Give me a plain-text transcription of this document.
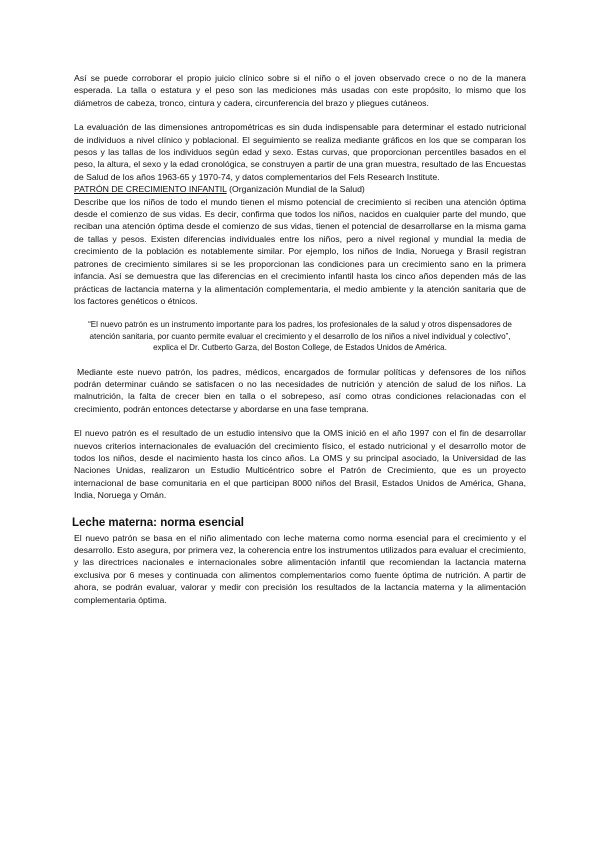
Así se puede corroborar el propio juicio clínico sobre si el niño o el joven observado crece o no de la manera esperada. La talla o estatura y el peso son las mediciones más usadas con este propósito, lo mismo que los diámetros de cabeza, tronco, cintura y cadera, circunferencia del brazo y pliegues cutáneos.

La evaluación de las dimensiones antropométricas es sin duda indispensable para determinar el estado nutricional de individuos a nivel clínico y poblacional. El seguimiento se realiza mediante gráficos en los que se comparan los pesos y las tallas de los individuos según edad y sexo. Estas curvas, que proporcionan percentiles basados en el peso, la altura, el sexo y la edad cronológica, se construyen a partir de una gran muestra, resultado de las Encuestas de Salud de los años 1963-65 y 1970-74, y datos complementarios del Fels Research Institute.

PATRÓN DE CRECIMIENTO INFANTIL (Organización Mundial de la Salud)

Describe que los niños de todo el mundo tienen el mismo potencial de crecimiento si reciben una atención óptima desde el comienzo de sus vidas. Es decir, confirma que todos los niños, nacidos en cualquier parte del mundo, que reciban una atención óptima desde el comienzo de sus vidas, tienen el potencial de desarrollarse en la misma gama de tallas y pesos. Existen diferencias individuales entre los niños, pero a nivel regional y mundial la media de crecimiento de la población es notablemente similar. Por ejemplo, los niños de India, Noruega y Brasil registran patrones de crecimiento similares si se les proporcionan las condiciones para un crecimiento sano en la primera infancia. Así se demuestra que las diferencias en el crecimiento infantil hasta los cinco años dependen más de las prácticas de lactancia materna y la alimentación complementaria, el medio ambiente y la atención sanitaria que de los factores genéticos o étnicos.

“El nuevo patrón es un instrumento importante para los padres, los profesionales de la salud y otros dispensadores de atención sanitaria, por cuanto permite evaluar el crecimiento y el desarrollo de los niños a nivel individual y colectivo”, explica el Dr. Cutberto Garza, del Boston College, de Estados Unidos de América.

Mediante este nuevo patrón, los padres, médicos, encargados de formular políticas y defensores de los niños podrán determinar cuándo se satisfacen o no las necesidades de nutrición y atención de salud de los niños. La malnutrición, la falta de crecer bien en talla o el sobrepeso, así como otras condiciones relacionadas con el crecimiento, podrán entonces detectarse y abordarse en una fase temprana.

El nuevo patrón es el resultado de un estudio intensivo que la OMS inició en el año 1997 con el fin de desarrollar nuevos criterios internacionales de evaluación del crecimiento físico, el estado nutricional y el desarrollo motor de todos los niños, desde el nacimiento hasta los cinco años. La OMS y su principal asociado, la Universidad de las Naciones Unidas, realizaron un Estudio Multicéntrico sobre el Patrón de Crecimiento, que es un proyecto internacional de base comunitaria en el que participan 8000 niños del Brasil, Estados Unidos de América, Ghana, India, Noruega y Omán.

Leche materna: norma esencial

El nuevo patrón se basa en el niño alimentado con leche materna como norma esencial para el crecimiento y el desarrollo. Esto asegura, por primera vez, la coherencia entre los instrumentos utilizados para evaluar el crecimiento, y las directrices nacionales e internacionales sobre alimentación infantil que recomiendan la lactancia materna exclusiva por 6 meses y continuada con alimentos complementarios como fuente óptima de nutrición. A partir de ahora, se podrán evaluar, valorar y medir con precisión los resultados de la lactancia materna y la alimentación complementaria óptima.
